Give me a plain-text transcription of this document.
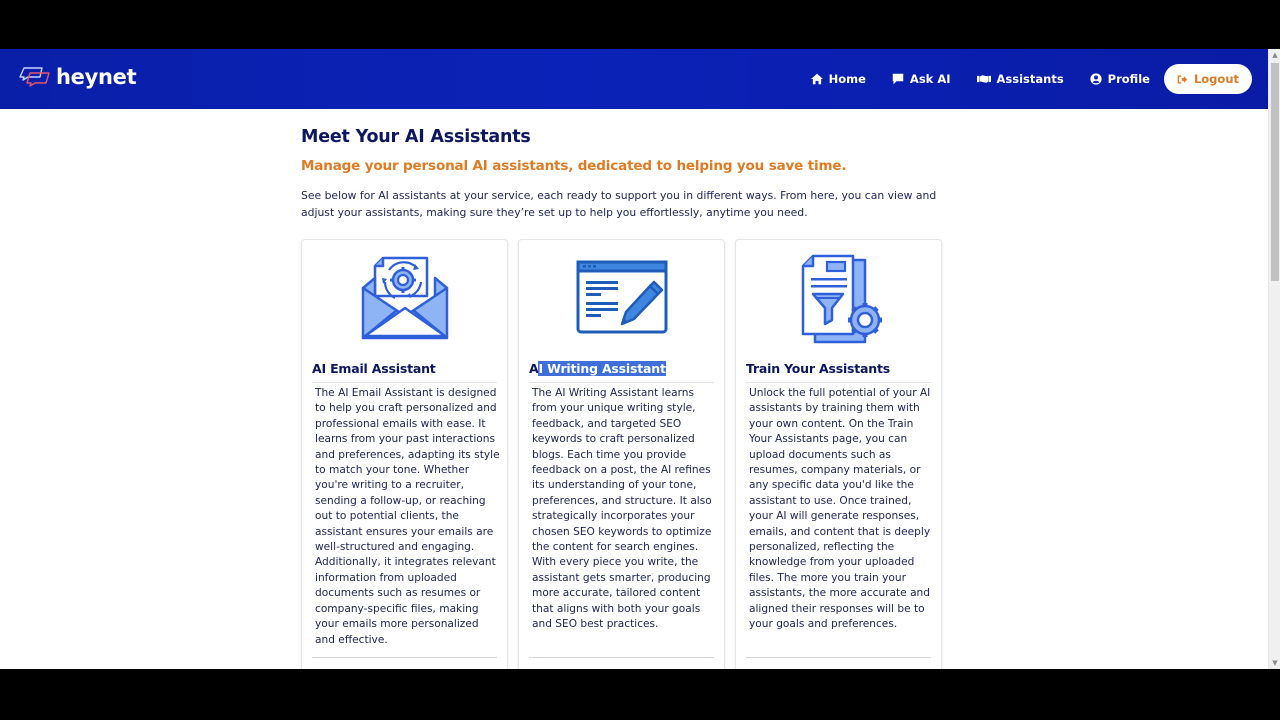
heynet	Home	Ask AI	Assistants	Profile	Logout
Meet Your AI Assistants
Manage your personal AI assistants, dedicated to helping you save time.

See below for AI assistants at your service, each ready to support you in different ways. From here, you can view and adjust your assistants, making sure they’re set up to help you effortlessly, anytime you need.

AI Email Assistant

The AI Email Assistant is designed to help you craft personalized and professional emails with ease. It learns from your past interactions and preferences, adapting its style to match your tone. Whether you're writing to a recruiter, sending a follow-up, or reaching out to potential clients, the assistant ensures your emails are well-structured and engaging. Additionally, it integrates relevant information from uploaded documents such as resumes or company-specific files, making your emails more personalized and effective.

AI Writing Assistant

The AI Writing Assistant learns from your unique writing style, feedback, and targeted SEO keywords to craft personalized blogs. Each time you provide feedback on a post, the AI refines its understanding of your tone, preferences, and structure. It also strategically incorporates your chosen SEO keywords to optimize the content for search engines. With every piece you write, the assistant gets smarter, producing more accurate, tailored content that aligns with both your goals and SEO best practices.

Train Your Assistants

Unlock the full potential of your AI assistants by training them with your own content. On the Train Your Assistants page, you can upload documents such as resumes, company materials, or any specific data you'd like the assistant to use. Once trained, your AI will generate responses, emails, and content that is deeply personalized, reflecting the knowledge from your uploaded files. The more you train your assistants, the more accurate and aligned their responses will be to your goals and preferences.

▲
▼
